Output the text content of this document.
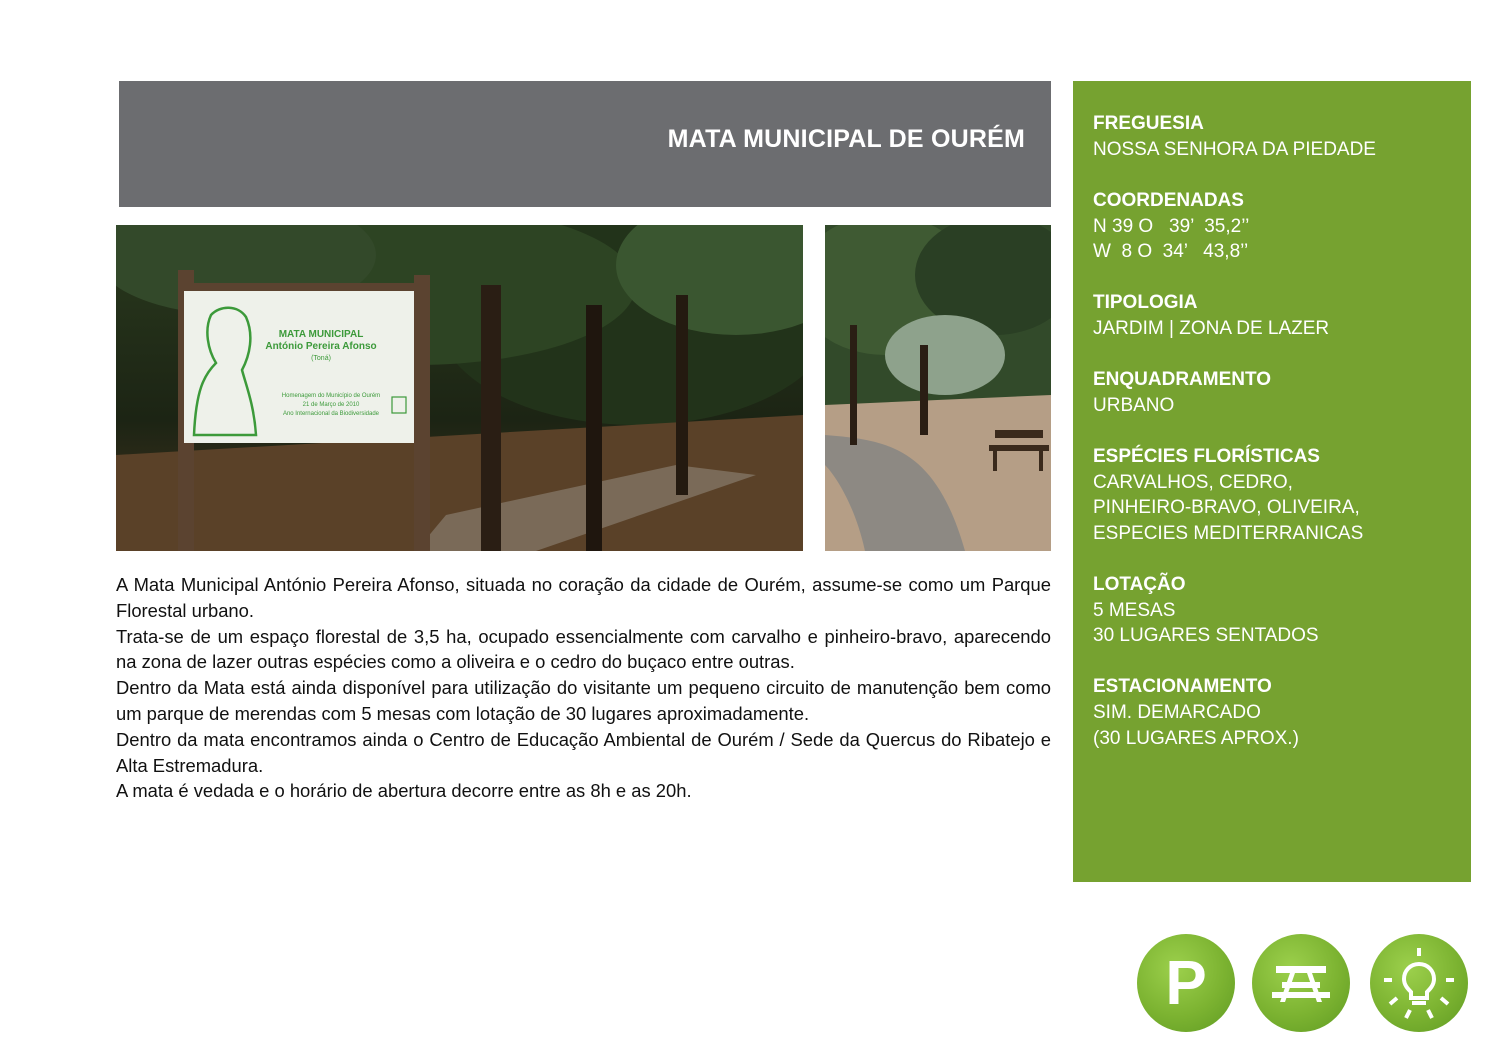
MATA MUNICIPAL DE OURÉM
MATA MUNICIPAL
António Pereira Afonso
(Toná)
Homenagem do Município de Ourém
21 de Março de 2010
Ano Internacional da Biodiversidade

A Mata Municipal António Pereira Afonso, situada no coração da cidade de Ourém, assume-se como um Parque Florestal urbano.

Trata-se de um espaço florestal de 3,5 ha, ocupado essencialmente com carvalho e pinheiro-bravo, aparecendo na zona de lazer outras espécies como a oliveira e o cedro do buçaco entre outras.

Dentro da Mata está ainda disponível para utilização do visitante um pequeno circuito de manutenção bem como um parque de merendas com 5 mesas com lotação de 30 lugares aproximadamente.

Dentro da mata encontramos ainda o Centro de Educação Ambiental de Ourém / Sede da Quercus do Ribatejo e Alta Estremadura.

A mata é vedada e o horário de abertura decorre entre as 8h e as 20h.

FREGUESIA
NOSSA SENHORA DA PIEDADE
COORDENADAS
N 39 O   39’  35,2’’
W  8 O  34’   43,8’’
TIPOLOGIA
JARDIM | ZONA DE LAZER
ENQUADRAMENTO
URBANO
ESPÉCIES FLORÍSTICAS
CARVALHOS, CEDRO,
PINHEIRO-BRAVO, OLIVEIRA,
ESPECIES MEDITERRANICAS
LOTAÇÃO
5 MESAS
30 LUGARES SENTADOS
ESTACIONAMENTO
SIM. DEMARCADO
(30 LUGARES APROX.)
P
